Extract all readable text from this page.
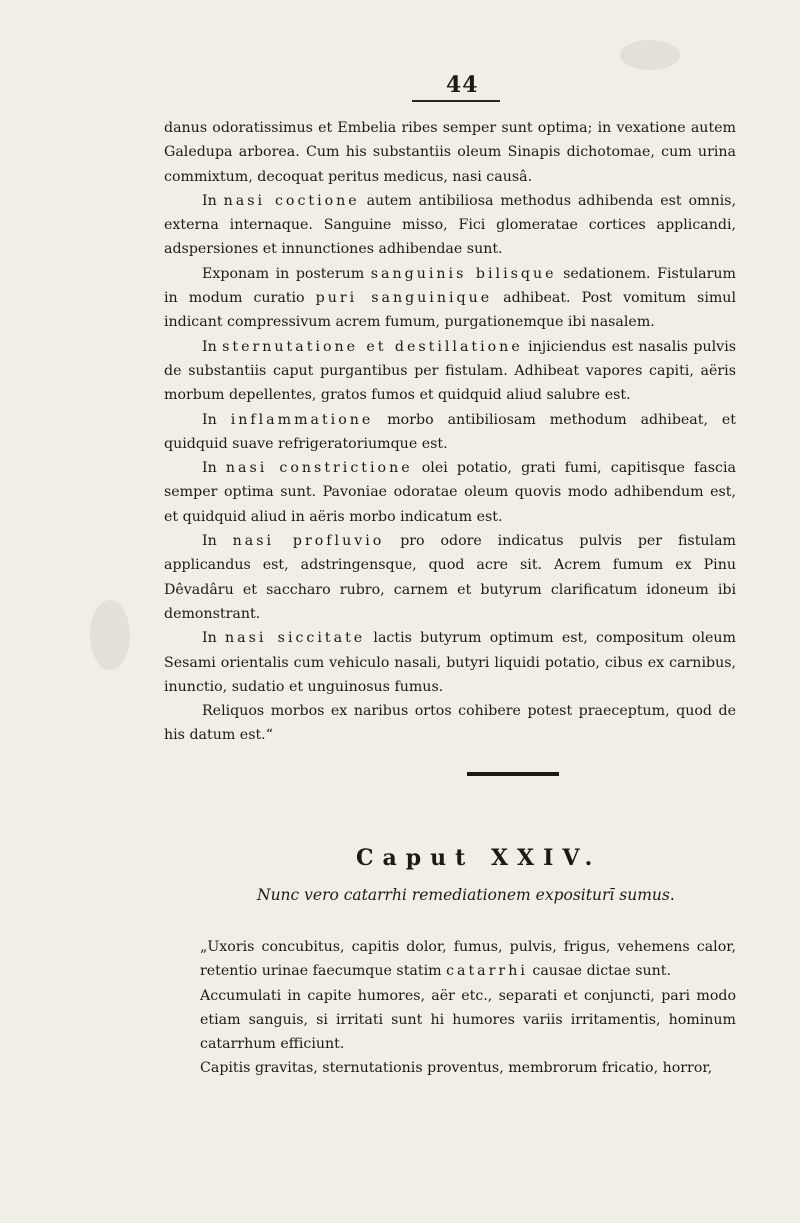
44

danus odoratissimus et Embelia ribes semper sunt optima; in vexatione autem Galedupa arborea. Cum his substantiis oleum Sinapis dichotomae, cum urina commixtum, decoquat peritus medicus, nasi causâ.

In nasi coctione autem antibiliosa methodus adhibenda est omnis, externa internaque. Sanguine misso, Fici glomeratae cortices applicandi, adspersiones et innunctiones adhibendae sunt.

Exponam in posterum sanguinis bilisque sedationem. Fistularum in modum curatio puri sanguinique adhibeat. Post vomitum simul indicant compressivum acrem fumum, purgationemque ibi nasalem.

In sternutatione et destillatione injiciendus est nasalis pulvis de substantiis caput purgantibus per fistulam. Adhibeat vapores capiti, aëris morbum depellentes, gratos fumos et quidquid aliud salubre est.

In inflammatione morbo antibiliosam methodum adhibeat, et quidquid suave refrigeratoriumque est.

In nasi constrictione olei potatio, grati fumi, capitisque fascia semper optima sunt. Pavoniae odoratae oleum quovis modo adhibendum est, et quidquid aliud in aëris morbo indicatum est.

In nasi profluvio pro odore indicatus pulvis per fistulam applicandus est, adstringensque, quod acre sit. Acrem fumum ex Pinu Dêvadâru et saccharo rubro, carnem et butyrum clarificatum idoneum ibi demonstrant.

In nasi siccitate lactis butyrum optimum est, compositum oleum Sesami orientalis cum vehiculo nasali, butyri liquidi potatio, cibus ex carnibus, inunctio, sudatio et unguinosus fumus.

Reliquos morbos ex naribus ortos cohibere potest praeceptum, quod de his datum est.“

Caput XXIV.
Nunc vero catarrhi remediationem expositurī sumus.

„Uxoris concubitus, capitis dolor, fumus, pulvis, frigus, vehemens calor, retentio urinae faecumque statim catarrhi causae dictae sunt.

Accumulati in capite humores, aër etc., separati et conjuncti, pari modo etiam sanguis, si irritati sunt hi humores variis irritamentis, hominum catarrhum efficiunt.

Capitis gravitas, sternutationis proventus, membrorum fricatio, horror,
